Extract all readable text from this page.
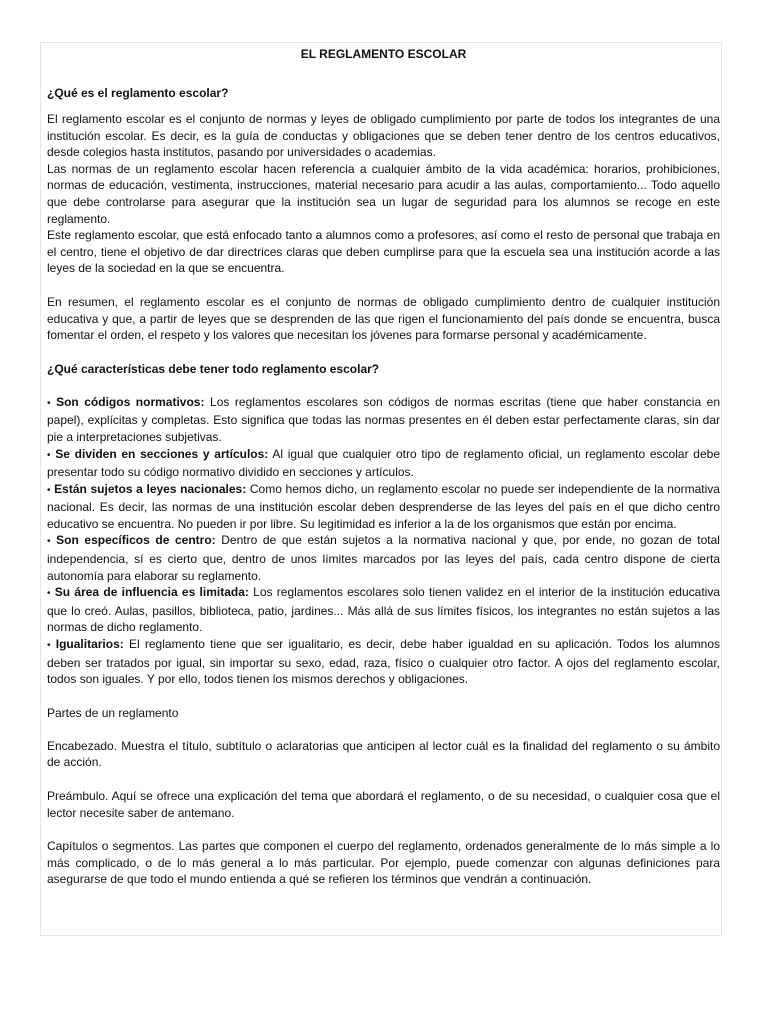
EL REGLAMENTO ESCOLAR
¿Qué es el reglamento escolar?

El reglamento escolar es el conjunto de normas y leyes de obligado cumplimiento por parte de todos los integrantes de una institución escolar. Es decir, es la guía de conductas y obligaciones que se deben tener dentro de los centros educativos, desde colegios hasta institutos, pasando por universidades o academias.

Las normas de un reglamento escolar hacen referencia a cualquier ámbito de la vida académica: horarios, prohibiciones, normas de educación, vestimenta, instrucciones, material necesario para acudir a las aulas, comportamiento... Todo aquello que debe controlarse para asegurar que la institución sea un lugar de seguridad para los alumnos se recoge en este reglamento.

Este reglamento escolar, que está enfocado tanto a alumnos como a profesores, así como el resto de personal que trabaja en el centro, tiene el objetivo de dar directrices claras que deben cumplirse para que la escuela sea una institución acorde a las leyes de la sociedad en la que se encuentra.

En resumen, el reglamento escolar es el conjunto de normas de obligado cumplimiento dentro de cualquier institución educativa y que, a partir de leyes que se desprenden de las que rigen el funcionamiento del país donde se encuentra, busca fomentar el orden, el respeto y los valores que necesitan los jóvenes para formarse personal y académicamente.

¿Qué características debe tener todo reglamento escolar?
• Son códigos normativos: Los reglamentos escolares son códigos de normas escritas (tiene que haber constancia en papel), explícitas y completas. Esto significa que todas las normas presentes en él deben estar perfectamente claras, sin dar pie a interpretaciones subjetivas.
• Se dividen en secciones y artículos: Al igual que cualquier otro tipo de reglamento oficial, un reglamento escolar debe presentar todo su código normativo dividido en secciones y artículos.
• Están sujetos a leyes nacionales: Como hemos dicho, un reglamento escolar no puede ser independiente de la normativa nacional. Es decir, las normas de una institución escolar deben desprenderse de las leyes del país en el que dicho centro educativo se encuentra. No pueden ir por libre. Su legitimidad es inferior a la de los organismos que están por encima.
• Son específicos de centro: Dentro de que están sujetos a la normativa nacional y que, por ende, no gozan de total independencia, sí es cierto que, dentro de unos límites marcados por las leyes del país, cada centro dispone de cierta autonomía para elaborar su reglamento.
• Su área de influencia es limitada: Los reglamentos escolares solo tienen validez en el interior de la institución educativa que lo creó. Aulas, pasillos, biblioteca, patio, jardines... Más allá de sus límites físicos, los integrantes no están sujetos a las normas de dicho reglamento.
• Igualitarios: El reglamento tiene que ser igualitario, es decir, debe haber igualdad en su aplicación. Todos los alumnos deben ser tratados por igual, sin importar su sexo, edad, raza, físico o cualquier otro factor. A ojos del reglamento escolar, todos son iguales. Y por ello, todos tienen los mismos derechos y obligaciones.
Partes de un reglamento

Encabezado. Muestra el título, subtítulo o aclaratorias que anticipen al lector cuál es la finalidad del reglamento o su ámbito de acción.

Preámbulo. Aquí se ofrece una explicación del tema que abordará el reglamento, o de su necesidad, o cualquier cosa que el lector necesite saber de antemano.

Capítulos o segmentos. Las partes que componen el cuerpo del reglamento, ordenados generalmente de lo más simple a lo más complicado, o de lo más general a lo más particular. Por ejemplo, puede comenzar con algunas definiciones para asegurarse de que todo el mundo entienda a qué se refieren los términos que vendrán a continuación.
